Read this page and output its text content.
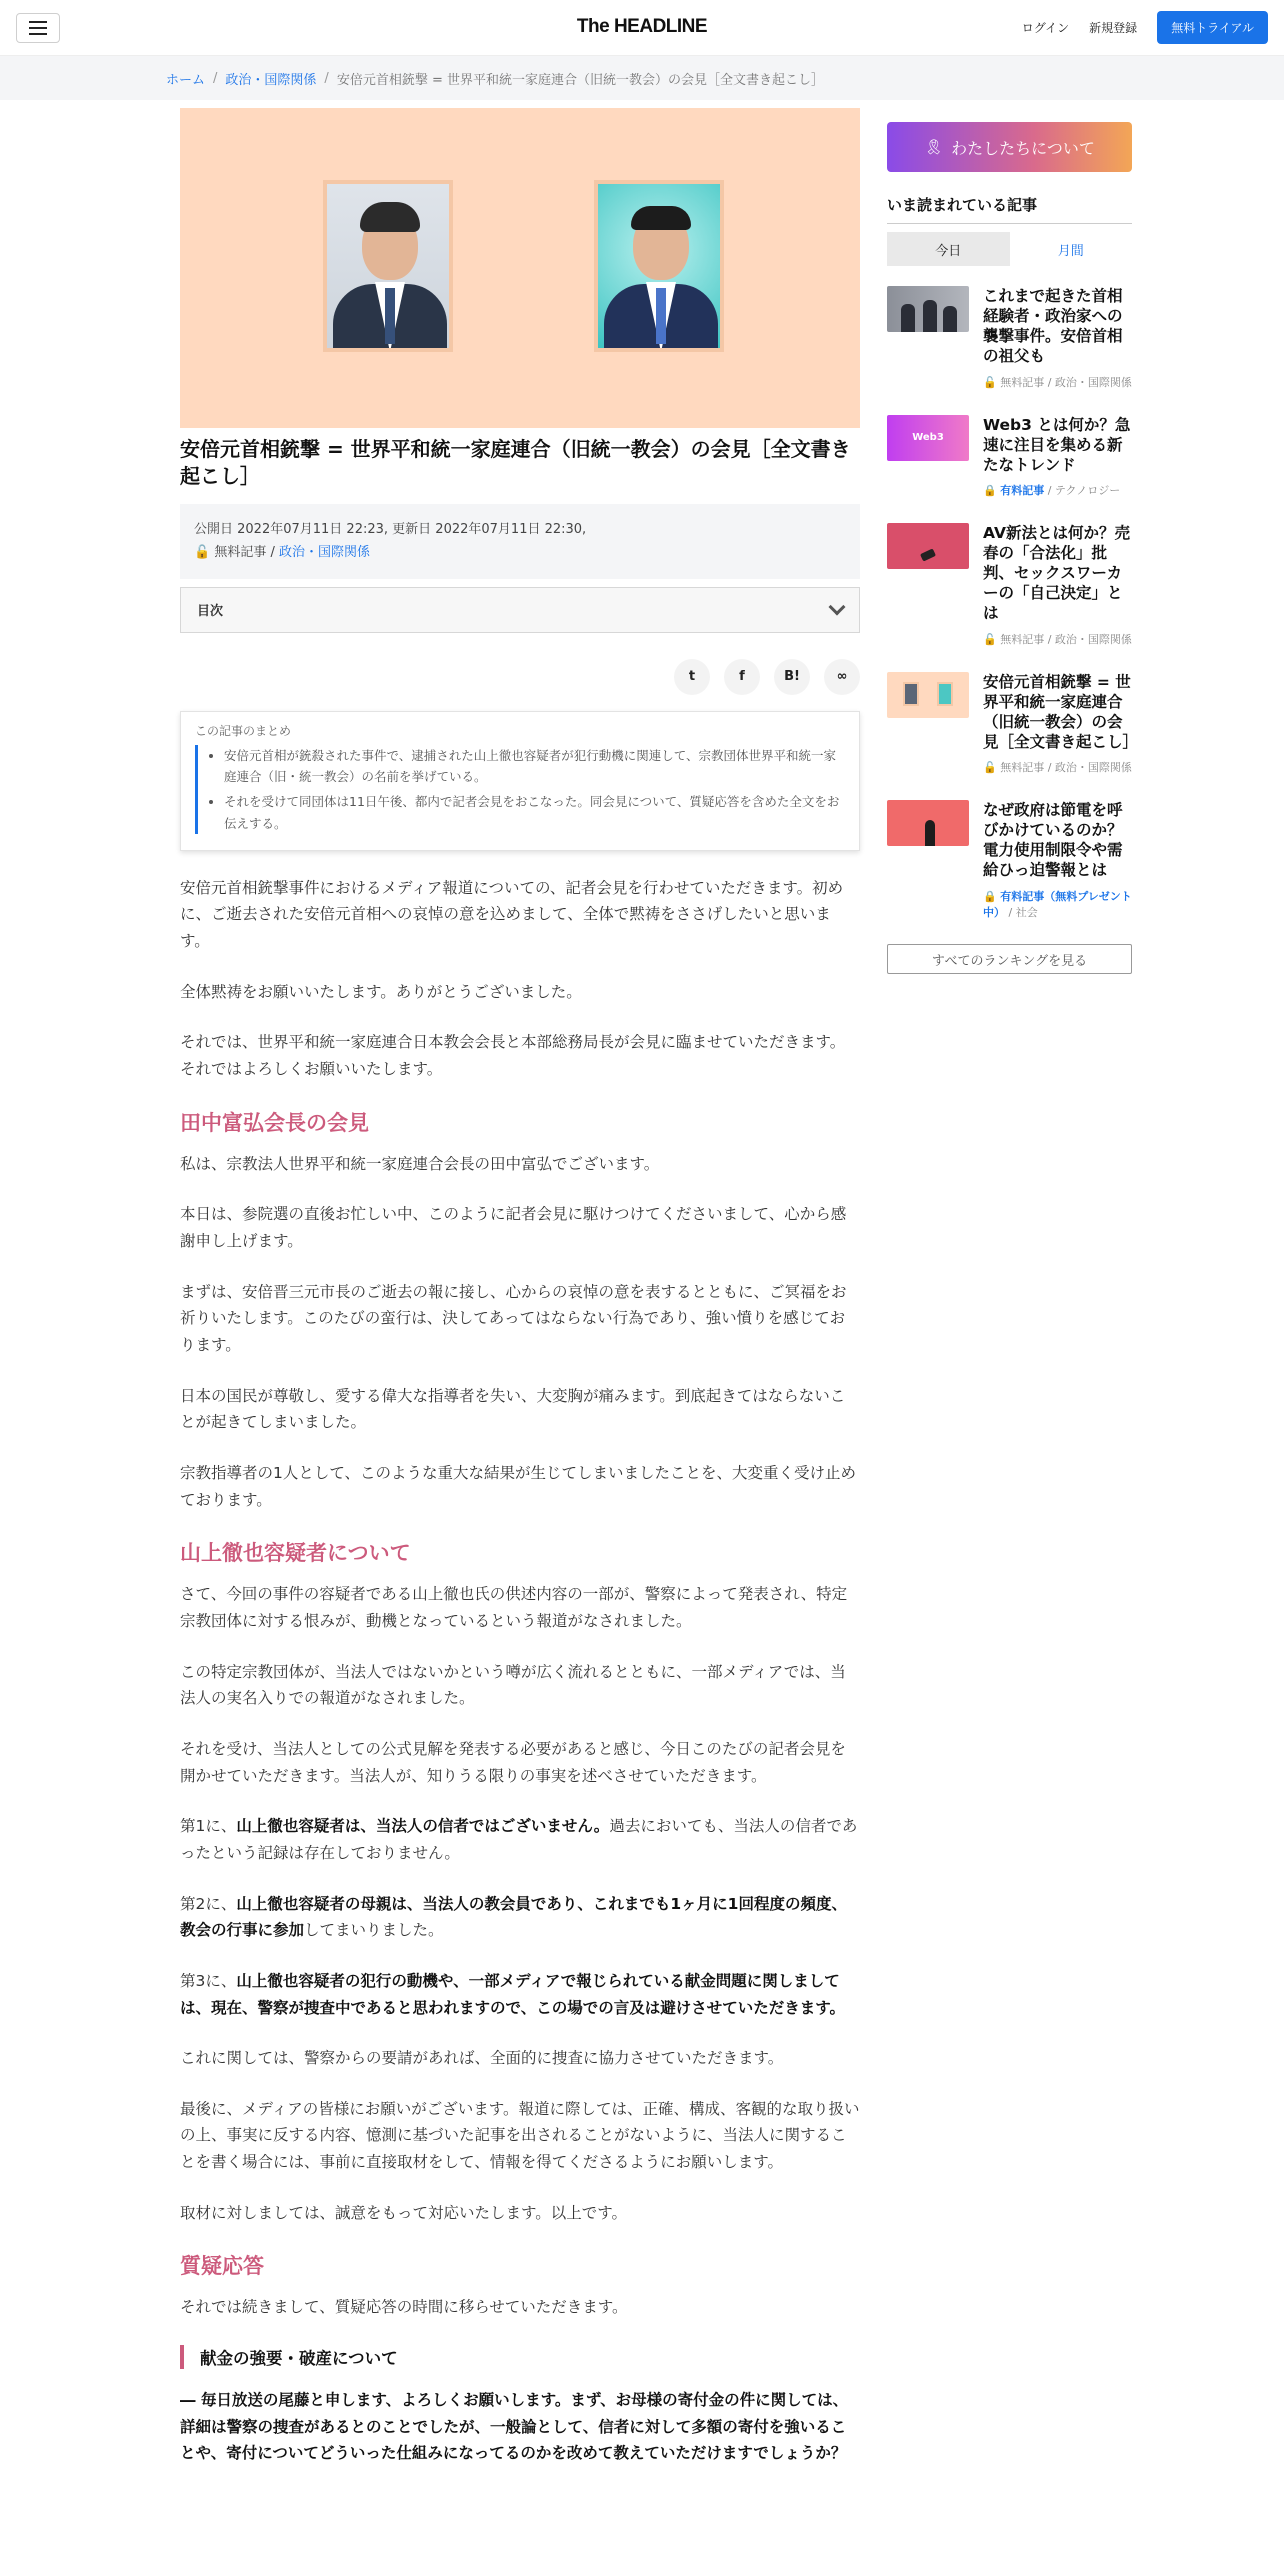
The HEADLINE	ログイン 新規登録	無料トライアル
ホーム / 政治・国際関係 / 安倍元首相銃撃 = 世界平和統一家庭連合（旧統一教会）の会見［全文書き起こし］
安倍元首相銃撃 = 世界平和統一家庭連合（旧統一教会）の会見［全文書き起こし］
公開日 2022年07月11日 22:23, 更新日 2022年07月11日 22:30,
🔓 無料記事 / 政治・国際関係
目次
t	f	B!	∞
この記事のまとめ
• 安倍元首相が銃殺された事件で、逮捕された山上徹也容疑者が犯行動機に関連して、宗教団体世界平和統一家庭連合（旧・統一教会）の名前を挙げている。
• それを受けて同団体は11日午後、都内で記者会見をおこなった。同会見について、質疑応答を含めた全文をお伝えする。

安倍元首相銃撃事件におけるメディア報道についての、記者会見を行わせていただきます。初めに、ご逝去された安倍元首相への哀悼の意を込めまして、全体で黙祷をささげしたいと思います。

全体黙祷をお願いいたします。ありがとうございました。

それでは、世界平和統一家庭連合日本教会会長と本部総務局長が会見に臨ませていただきます。それではよろしくお願いいたします。

田中富弘会長の会見

私は、宗教法人世界平和統一家庭連合会長の田中富弘でございます。

本日は、参院選の直後お忙しい中、このように記者会見に駆けつけてくださいまして、心から感謝申し上げます。

まずは、安倍晋三元市長のご逝去の報に接し、心からの哀悼の意を表するとともに、ご冥福をお祈りいたします。このたびの蛮行は、決してあってはならない行為であり、強い憤りを感じております。

日本の国民が尊敬し、愛する偉大な指導者を失い、大変胸が痛みます。到底起きてはならないことが起きてしまいました。

宗教指導者の1人として、このような重大な結果が生じてしまいましたことを、大変重く受け止めております。

山上徹也容疑者について

さて、今回の事件の容疑者である山上徹也氏の供述内容の一部が、警察によって発表され、特定宗教団体に対する恨みが、動機となっているという報道がなされました。

この特定宗教団体が、当法人ではないかという噂が広く流れるとともに、一部メディアでは、当法人の実名入りでの報道がなされました。

それを受け、当法人としての公式見解を発表する必要があると感じ、今日このたびの記者会見を開かせていただきます。当法人が、知りうる限りの事実を述べさせていただきます。

第1に、山上徹也容疑者は、当法人の信者ではございません。過去においても、当法人の信者であったという記録は存在しておりません。

第2に、山上徹也容疑者の母親は、当法人の教会員であり、これまでも1ヶ月に1回程度の頻度、教会の行事に参加してまいりました。

第3に、山上徹也容疑者の犯行の動機や、一部メディアで報じられている献金問題に関しましては、現在、警察が捜査中であると思われますので、この場での言及は避けさせていただきます。

これに関しては、警察からの要請があれば、全面的に捜査に協力させていただきます。

最後に、メディアの皆様にお願いがございます。報道に際しては、正確、構成、客観的な取り扱いの上、事実に反する内容、憶測に基づいた記事を出されることがないように、当法人に関することを書く場合には、事前に直接取材をして、情報を得てくださるようにお願いします。

取材に対しましては、誠意をもって対応いたします。以上です。

質疑応答

それでは続きまして、質疑応答の時間に移らせていただきます。

献金の強要・破産について

― 毎日放送の尾藤と申します、よろしくお願いします。まず、お母様の寄付金の件に関しては、詳細は警察の捜査があるとのことでしたが、一般論として、信者に対して多額の寄付を強いることや、寄付についてどういった仕組みになってるのかを改めて教えていただけますでしょうか？

🎗 わたしたちについて
いま読まれている記事
今日	月間
これまで起きた首相経験者・政治家への襲撃事件。安倍首相の祖父も
🔓 無料記事 / 政治・国際関係
Web3
Web3 とは何か？急速に注目を集める新たなトレンド
🔒 有料記事 / テクノロジー
AV新法とは何か？売春の「合法化」批判、セックスワーカーの「自己決定」とは
🔓 無料記事 / 政治・国際関係
安倍元首相銃撃 = 世界平和統一家庭連合（旧統一教会）の会見［全文書き起こし］
🔓 無料記事 / 政治・国際関係
なぜ政府は節電を呼びかけているのか？電力使用制限令や需給ひっ迫警報とは
🔒 有料記事（無料プレゼント中） / 社会
すべてのランキングを見る
